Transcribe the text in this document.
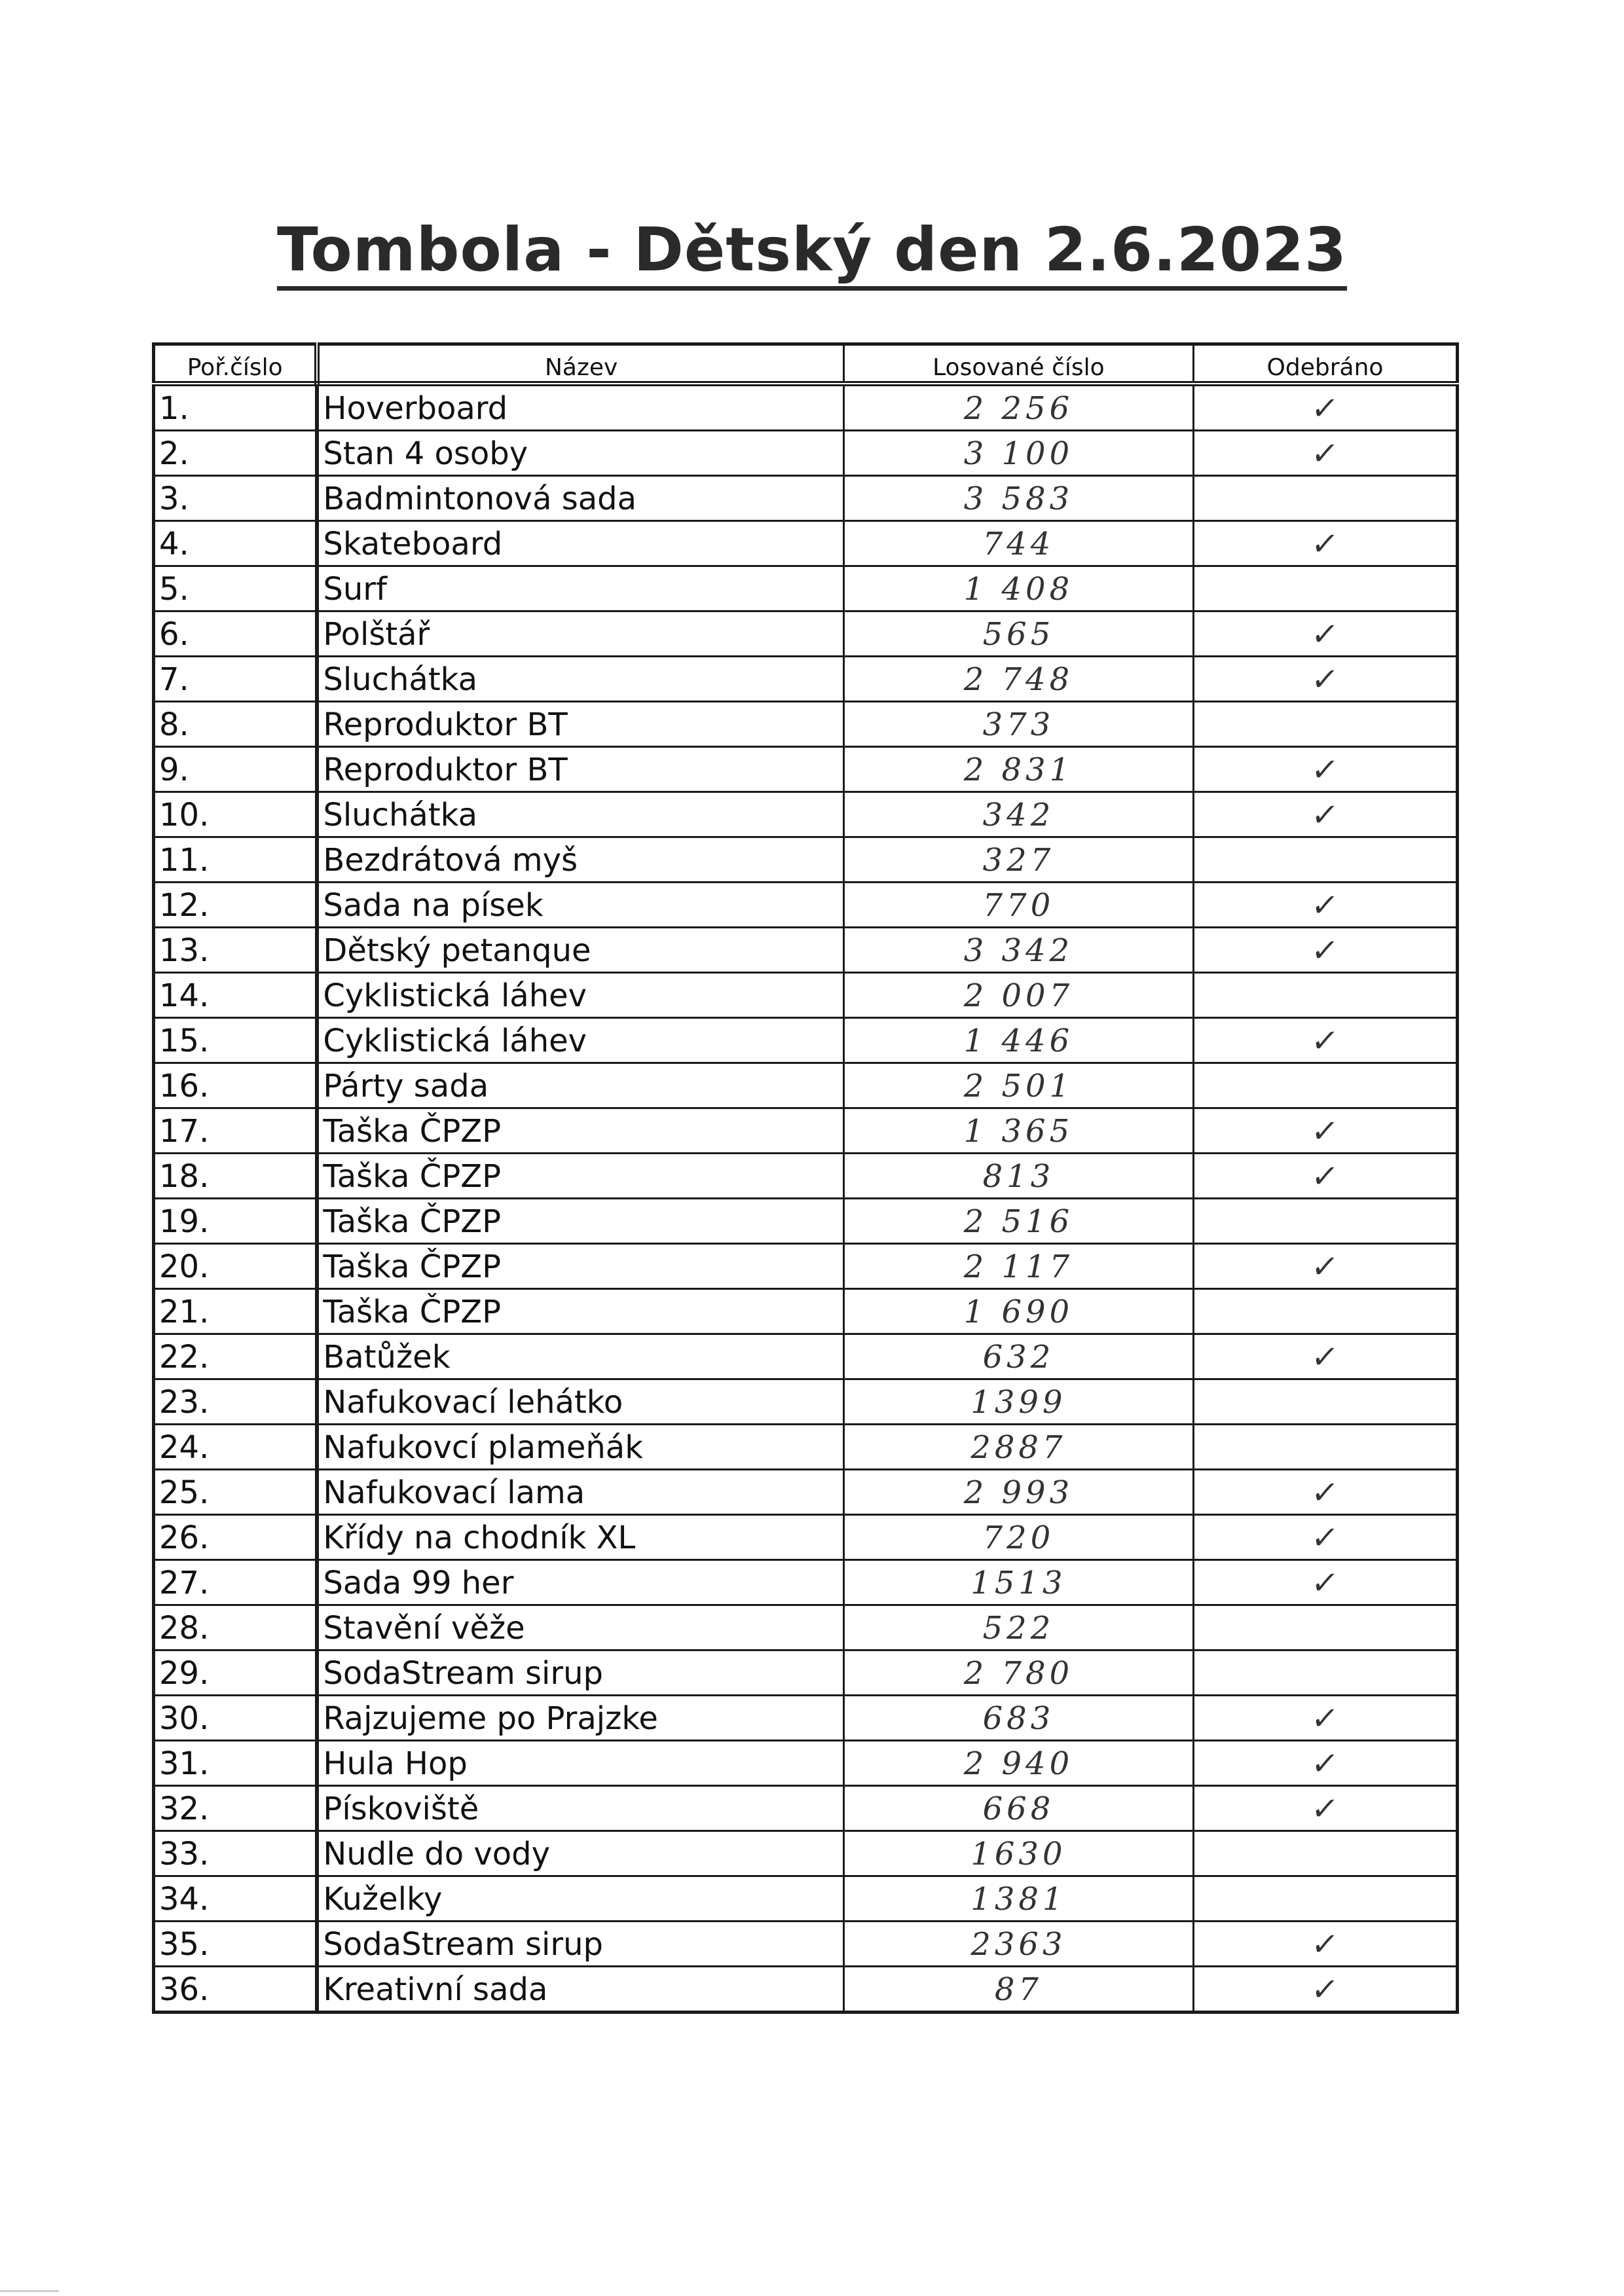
Tombola - Dětský den 2.6.2023
Poř.číslo	Název	Losované číslo	Odebráno
1.	Hoverboard	2 256	✓
2.	Stan 4 osoby	3 100	✓
3.	Badmintonová sada	3 583	
4.	Skateboard	744	✓
5.	Surf	1 408	
6.	Polštář	565	✓
7.	Sluchátka	2 748	✓
8.	Reproduktor BT	373	
9.	Reproduktor BT	2 831	✓
10.	Sluchátka	342	✓
11.	Bezdrátová myš	327	
12.	Sada na písek	770	✓
13.	Dětský petanque	3 342	✓
14.	Cyklistická láhev	2 007	
15.	Cyklistická láhev	1 446	✓
16.	Párty sada	2 501	
17.	Taška ČPZP	1 365	✓
18.	Taška ČPZP	813	✓
19.	Taška ČPZP	2 516	
20.	Taška ČPZP	2 117	✓
21.	Taška ČPZP	1 690	
22.	Batůžek	632	✓
23.	Nafukovací lehátko	1399	
24.	Nafukovcí plameňák	2887	
25.	Nafukovací lama	2 993	✓
26.	Křídy na chodník XL	720	✓
27.	Sada 99 her	1513	✓
28.	Stavění věže	522	
29.	SodaStream sirup	2 780	
30.	Rajzujeme po Prajzke	683	✓
31.	Hula Hop	2 940	✓
32.	Pískoviště	668	✓
33.	Nudle do vody	1630	
34.	Kuželky	1381	
35.	SodaStream sirup	2363	✓
36.	Kreativní sada	87	✓
